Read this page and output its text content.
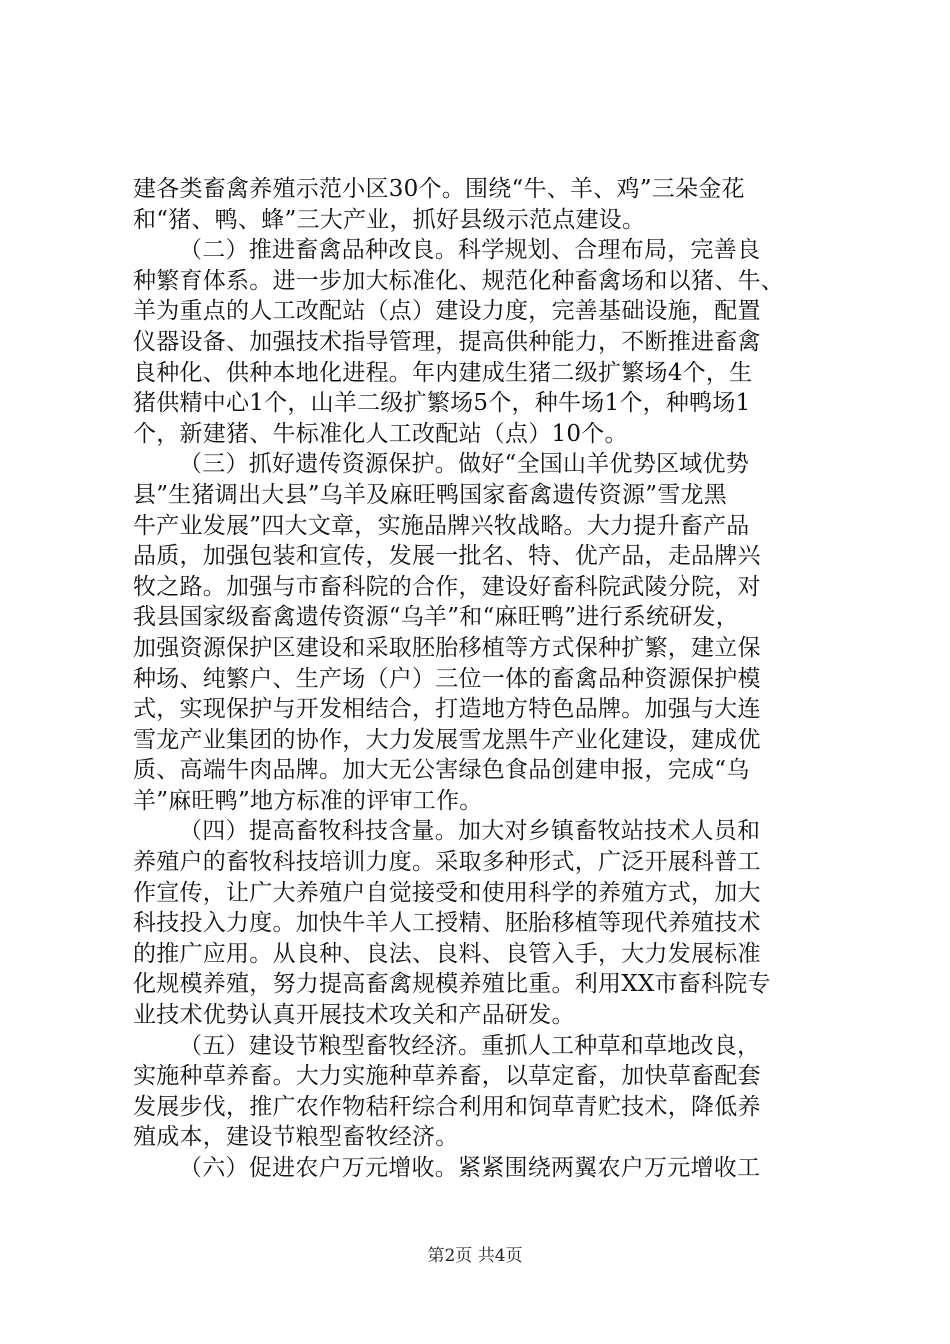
建各类畜禽养殖示范小区30个。围绕“牛、羊、鸡”三朵金花
和“猪、鸭、蜂”三大产业，抓好县级示范点建设。
（二）推进畜禽品种改良。科学规划、合理布局，完善良
种繁育体系。进一步加大标准化、规范化种畜禽场和以猪、牛、
羊为重点的人工改配站（点）建设力度，完善基础设施，配置
仪器设备、加强技术指导管理，提高供种能力，不断推进畜禽
良种化、供种本地化进程。年内建成生猪二级扩繁场4个，生
猪供精中心1个，山羊二级扩繁场5个，种牛场1个，种鸭场1
个，新建猪、牛标准化人工改配站（点）10个。
（三）抓好遗传资源保护。做好“全国山羊优势区域优势
县”生猪调出大县”乌羊及麻旺鸭国家畜禽遗传资源”雪龙黑
牛产业发展”四大文章，实施品牌兴牧战略。大力提升畜产品
品质，加强包装和宣传，发展一批名、特、优产品，走品牌兴
牧之路。加强与市畜科院的合作，建设好畜科院武陵分院，对
我县国家级畜禽遗传资源“乌羊”和“麻旺鸭”进行系统研发，
加强资源保护区建设和采取胚胎移植等方式保种扩繁，建立保
种场、纯繁户、生产场（户）三位一体的畜禽品种资源保护模
式，实现保护与开发相结合，打造地方特色品牌。加强与大连
雪龙产业集团的协作，大力发展雪龙黑牛产业化建设，建成优
质、高端牛肉品牌。加大无公害绿色食品创建申报，完成“乌
羊”麻旺鸭”地方标准的评审工作。
（四）提高畜牧科技含量。加大对乡镇畜牧站技术人员和
养殖户的畜牧科技培训力度。采取多种形式，广泛开展科普工
作宣传，让广大养殖户自觉接受和使用科学的养殖方式，加大
科技投入力度。加快牛羊人工授精、胚胎移植等现代养殖技术
的推广应用。从良种、良法、良料、良管入手，大力发展标准
化规模养殖，努力提高畜禽规模养殖比重。利用XX市畜科院专
业技术优势认真开展技术攻关和产品研发。
（五）建设节粮型畜牧经济。重抓人工种草和草地改良，
实施种草养畜。大力实施种草养畜，以草定畜，加快草畜配套
发展步伐，推广农作物秸秆综合利用和饲草青贮技术，降低养
殖成本，建设节粮型畜牧经济。
（六）促进农户万元增收。紧紧围绕两翼农户万元增收工
第2页 共4页
